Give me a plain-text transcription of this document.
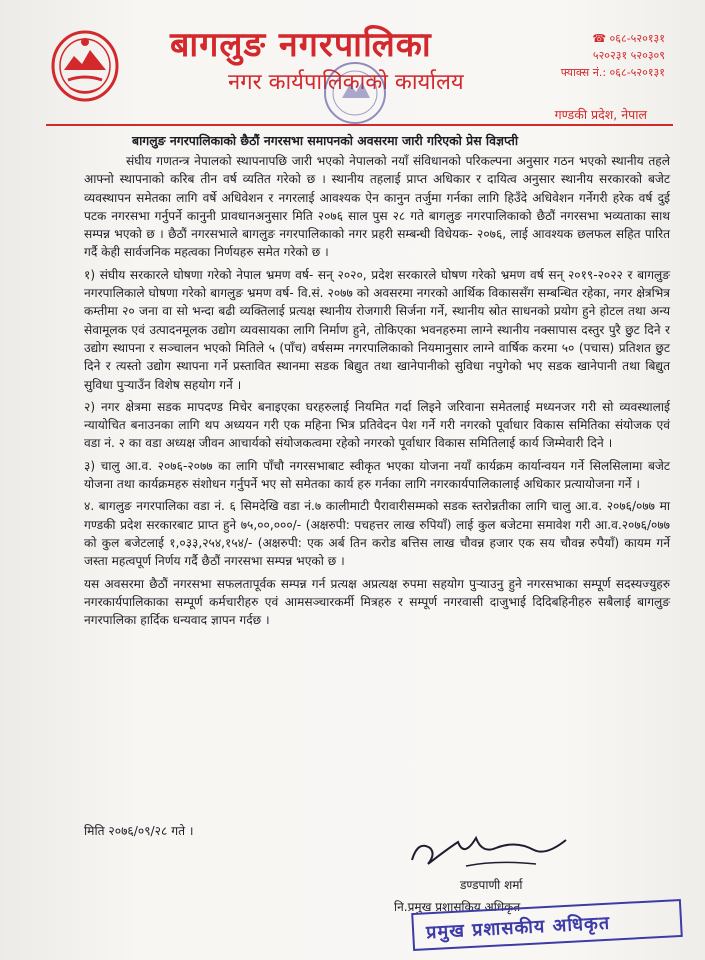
बागलुङ नगरपालिका
नगर कार्यपालिकाको कार्यालय
☎ ०६८-५२०१३१
५२०२३१ ५२०३०९
फ्याक्स नं.: ०६८-५२०१३१
गण्डकी प्रदेश, नेपाल
बागलुङ नगरपालिकाको छैठौं नगरसभा समापनको अवसरमा जारी गरिएको प्रेस विज्ञप्ती

संघीय गणतन्त्र नेपालको स्थापनापछि जारी भएको नेपालको नयाँ संविधानको परिकल्पना अनुसार गठन भएको स्थानीय तहले आफ्नो स्थापनाको करिब तीन वर्ष व्यतित गरेको छ । स्थानीय तहलाई प्राप्त अधिकार र दायित्व अनुसार स्थानीय सरकारको बजेट व्यवस्थापन समेतका लागि वर्षे अधिवेशन र नगरलाई आवश्यक ऐन कानुन तर्जुमा गर्नका लागि हिउँदे अधिवेशन गर्नेगरी हरेक वर्ष दुई पटक नगरसभा गर्नुपर्ने कानुनी प्रावधानअनुसार मिति २०७६ साल पुस २८ गते बागलुङ नगरपालिकाको छैठौं नगरसभा भव्यताका साथ सम्पन्न भएको छ । छैठौं नगरसभाले बागलुङ नगरपालिकाको नगर प्रहरी सम्बन्धी विधेयक- २०७६, लाई आवश्यक छलफल सहित पारित गर्दै केही सार्वजनिक महत्वका निर्णयहरु समेत गरेको छ ।

१) संघीय सरकारले घोषणा गरेको नेपाल भ्रमण वर्ष- सन् २०२०, प्रदेश सरकारले घोषण गरेको भ्रमण वर्ष सन् २०१९-२०२२ र बागलुङ नगरपालिकाले घोषणा गरेको बागलुङ भ्रमण वर्ष- वि.सं. २०७७ को अवसरमा नगरको आर्थिक विकाससँग सम्बन्धित रहेका, नगर क्षेत्रभित्र कम्तीमा २० जना वा सो भन्दा बढी व्यक्तिलाई प्रत्यक्ष स्थानीय रोजगारी सिर्जना गर्ने, स्थानीय स्रोत साधनको प्रयोग हुने होटल तथा अन्य सेवामूलक एवं उत्पादनमूलक उद्योग व्यवसायका लागि निर्माण हुने, तोकिएका भवनहरुमा लाग्ने स्थानीय नक्सापास दस्तुर पुरै छुट दिने र उद्योग स्थापना र सञ्चालन भएको मितिले ५ (पाँच) वर्षसम्म नगरपालिकाको नियमानुसार लाग्ने वार्षिक करमा ५० (पचास) प्रतिशत छुट दिने र त्यस्तो उद्योग स्थापना गर्ने प्रस्तावित स्थानमा सडक बिद्युत तथा खानेपानीको सुविधा नपुगेको भए सडक खानेपानी तथा बिद्युत सुविधा पुर्‍याउँन विशेष सहयोग गर्ने ।

२) नगर क्षेत्रमा सडक मापदण्ड मिचेर बनाइएका घरहरुलाई नियमित गर्दा लिइने जरिवाना समेतलाई मध्यनजर गरी सो व्यवस्थालाई न्यायोचित बनाउनका लागि थप अध्ययन गरी एक महिना भित्र प्रतिवेदन पेश गर्ने गरी नगरको पूर्वाधार विकास समितिका संयोजक एवं वडा नं. २ का वडा अध्यक्ष जीवन आचार्यको संयोजकत्वमा रहेको नगरको पूर्वाधार विकास समितिलाई कार्य जिम्मेवारी दिने ।

३) चालु आ.व. २०७६-२०७७ का लागि पाँचौ नगरसभाबाट स्वीकृत भएका योजना नयाँ कार्यक्रम कार्यान्वयन गर्ने सिलसिलामा बजेट योजना तथा कार्यक्रमहरु संशोधन गर्नुपर्ने भए सो समेतका कार्य हरु गर्नका लागि नगरकार्यपालिकालाई अधिकार प्रत्यायोजना गर्ने ।

४. बागलुङ नगरपालिका वडा नं. ६ सिमदेखि वडा नं.७ कालीमाटी पैरावारीसम्मको सडक स्तरोन्नतीका लागि चालु आ.व. २०७६/०७७ मा गण्डकी प्रदेश सरकारबाट प्राप्त हुने ७५,००,०००/- (अक्षरुपी: पचहत्तर लाख रुपियाँ) लाई कुल बजेटमा समावेश गरी आ.व.२०७६/०७७ को कुल बजेटलाई १,०३३,२५४,१५४/- (अक्षरुपी: एक अर्ब तिन करोड बत्तिस लाख चौवन्न हजार एक सय चौवन्न रुपैयाँ) कायम गर्ने जस्ता महत्वपूर्ण निर्णय गर्दै छैठौं नगरसभा सम्पन्न भएको छ ।

यस अवसरमा छैठौं नगरसभा सफलतापूर्वक सम्पन्न गर्न प्रत्यक्ष अप्रत्यक्ष रुपमा सहयोग पुर्‍याउनु हुने नगरसभाका सम्पूर्ण सदस्यज्युहरु नगरकार्यपालिकाका सम्पूर्ण कर्मचारीहरु एवं आमसञ्चारकर्मी मित्रहरु र सम्पूर्ण नगरवासी दाजुभाई दिदिबहिनीहरु सबैलाई बागलुङ नगरपालिका हार्दिक धन्यवाद ज्ञापन गर्दछ ।

मिति २०७६/०९/२८ गते ।
डण्डपाणी शर्मा
नि.प्रमुख प्रशासकिय अधिकृत
प्रमुख प्रशासकीय अधिकृत
